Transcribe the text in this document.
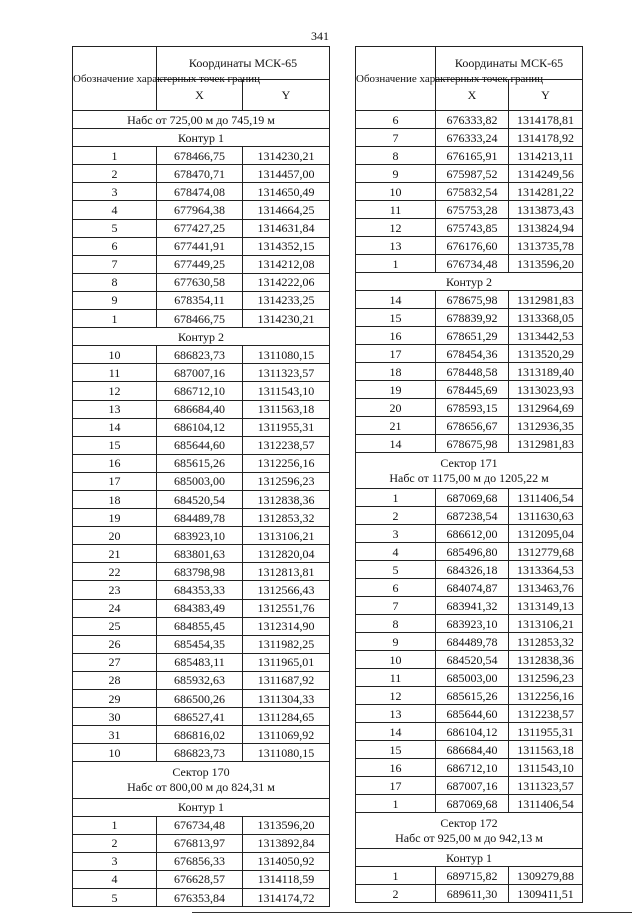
341
Обозначение характерных точек границ	Координаты МСК-65	
	X	Y
Набс от 725,00 м до 745,19 м		
Контур 1		
1	678466,75	1314230,21
2	678470,71	1314457,00
3	678474,08	1314650,49
4	677964,38	1314664,25
5	677427,25	1314631,84
6	677441,91	1314352,15
7	677449,25	1314212,08
8	677630,58	1314222,06
9	678354,11	1314233,25
1	678466,75	1314230,21
Контур 2		
10	686823,73	1311080,15
11	687007,16	1311323,57
12	686712,10	1311543,10
13	686684,40	1311563,18
14	686104,12	1311955,31
15	685644,60	1312238,57
16	685615,26	1312256,16
17	685003,00	1312596,23
18	684520,54	1312838,36
19	684489,78	1312853,32
20	683923,10	1313106,21
21	683801,63	1312820,04
22	683798,98	1312813,81
23	684353,33	1312566,43
24	684383,49	1312551,76
25	684855,45	1312314,90
26	685454,35	1311982,25
27	685483,11	1311965,01
28	685932,63	1311687,92
29	686500,26	1311304,33
30	686527,41	1311284,65
31	686816,02	1311069,92
10	686823,73	1311080,15

Сектор 170
Набс от 800,00 м до 824,31 м		

Контур 1		
1	676734,48	1313596,20
2	676813,97	1313892,84
3	676856,33	1314050,92
4	676628,57	1314118,59
5	676353,84	1314174,72
Обозначение характерных точек границ	Координаты МСК-65	
	X	Y
6	676333,82	1314178,81
7	676333,24	1314178,92
8	676165,91	1314213,11
9	675987,52	1314249,56
10	675832,54	1314281,22
11	675753,28	1313873,43
12	675743,85	1313824,94
13	676176,60	1313735,78
1	676734,48	1313596,20
Контур 2		
14	678675,98	1312981,83
15	678839,92	1313368,05
16	678651,29	1313442,53
17	678454,36	1313520,29
18	678448,58	1313189,40
19	678445,69	1313023,93
20	678593,15	1312964,69
21	678656,67	1312936,35
14	678675,98	1312981,83

Сектор 171
Набс от 1175,00 м до 1205,22 м		

1	687069,68	1311406,54
2	687238,54	1311630,63
3	686612,00	1312095,04
4	685496,80	1312779,68
5	684326,18	1313364,53
6	684074,87	1313463,76
7	683941,32	1313149,13
8	683923,10	1313106,21
9	684489,78	1312853,32
10	684520,54	1312838,36
11	685003,00	1312596,23
12	685615,26	1312256,16
13	685644,60	1312238,57
14	686104,12	1311955,31
15	686684,40	1311563,18
16	686712,10	1311543,10
17	687007,16	1311323,57
1	687069,68	1311406,54

Сектор 172
Набс от 925,00 м до 942,13 м		

Контур 1		
1	689715,82	1309279,88
2	689611,30	1309411,51
